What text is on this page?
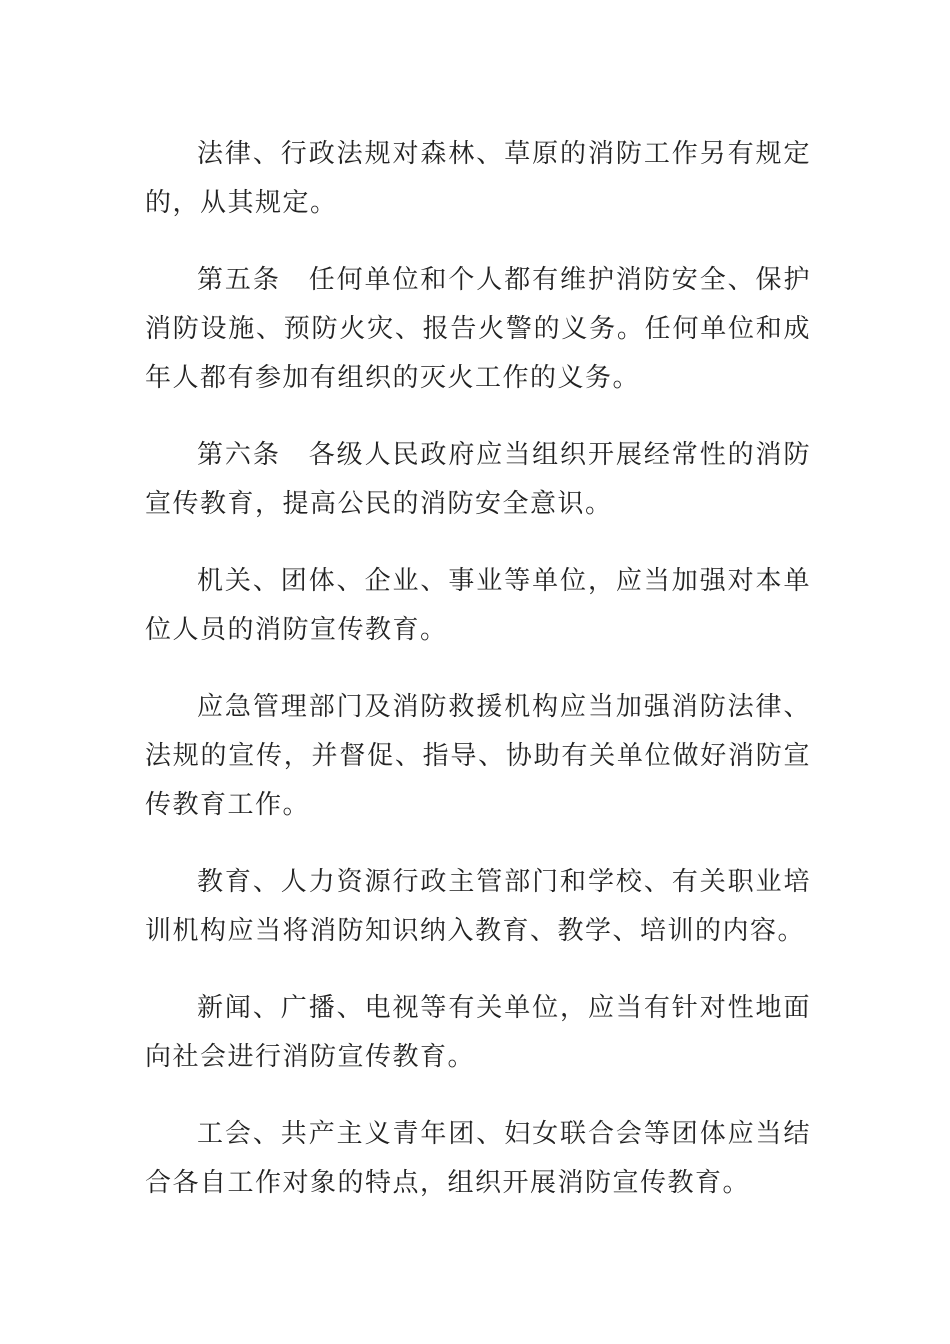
法律、行政法规对森林、草原的消防工作另有规定的，从其规定。

第五条　任何单位和个人都有维护消防安全、保护消防设施、预防火灾、报告火警的义务。任何单位和成年人都有参加有组织的灭火工作的义务。

第六条　各级人民政府应当组织开展经常性的消防宣传教育，提高公民的消防安全意识。

机关、团体、企业、事业等单位，应当加强对本单位人员的消防宣传教育。

应急管理部门及消防救援机构应当加强消防法律、法规的宣传，并督促、指导、协助有关单位做好消防宣传教育工作。

教育、人力资源行政主管部门和学校、有关职业培训机构应当将消防知识纳入教育、教学、培训的内容。

新闻、广播、电视等有关单位，应当有针对性地面向社会进行消防宣传教育。

工会、共产主义青年团、妇女联合会等团体应当结合各自工作对象的特点，组织开展消防宣传教育。
